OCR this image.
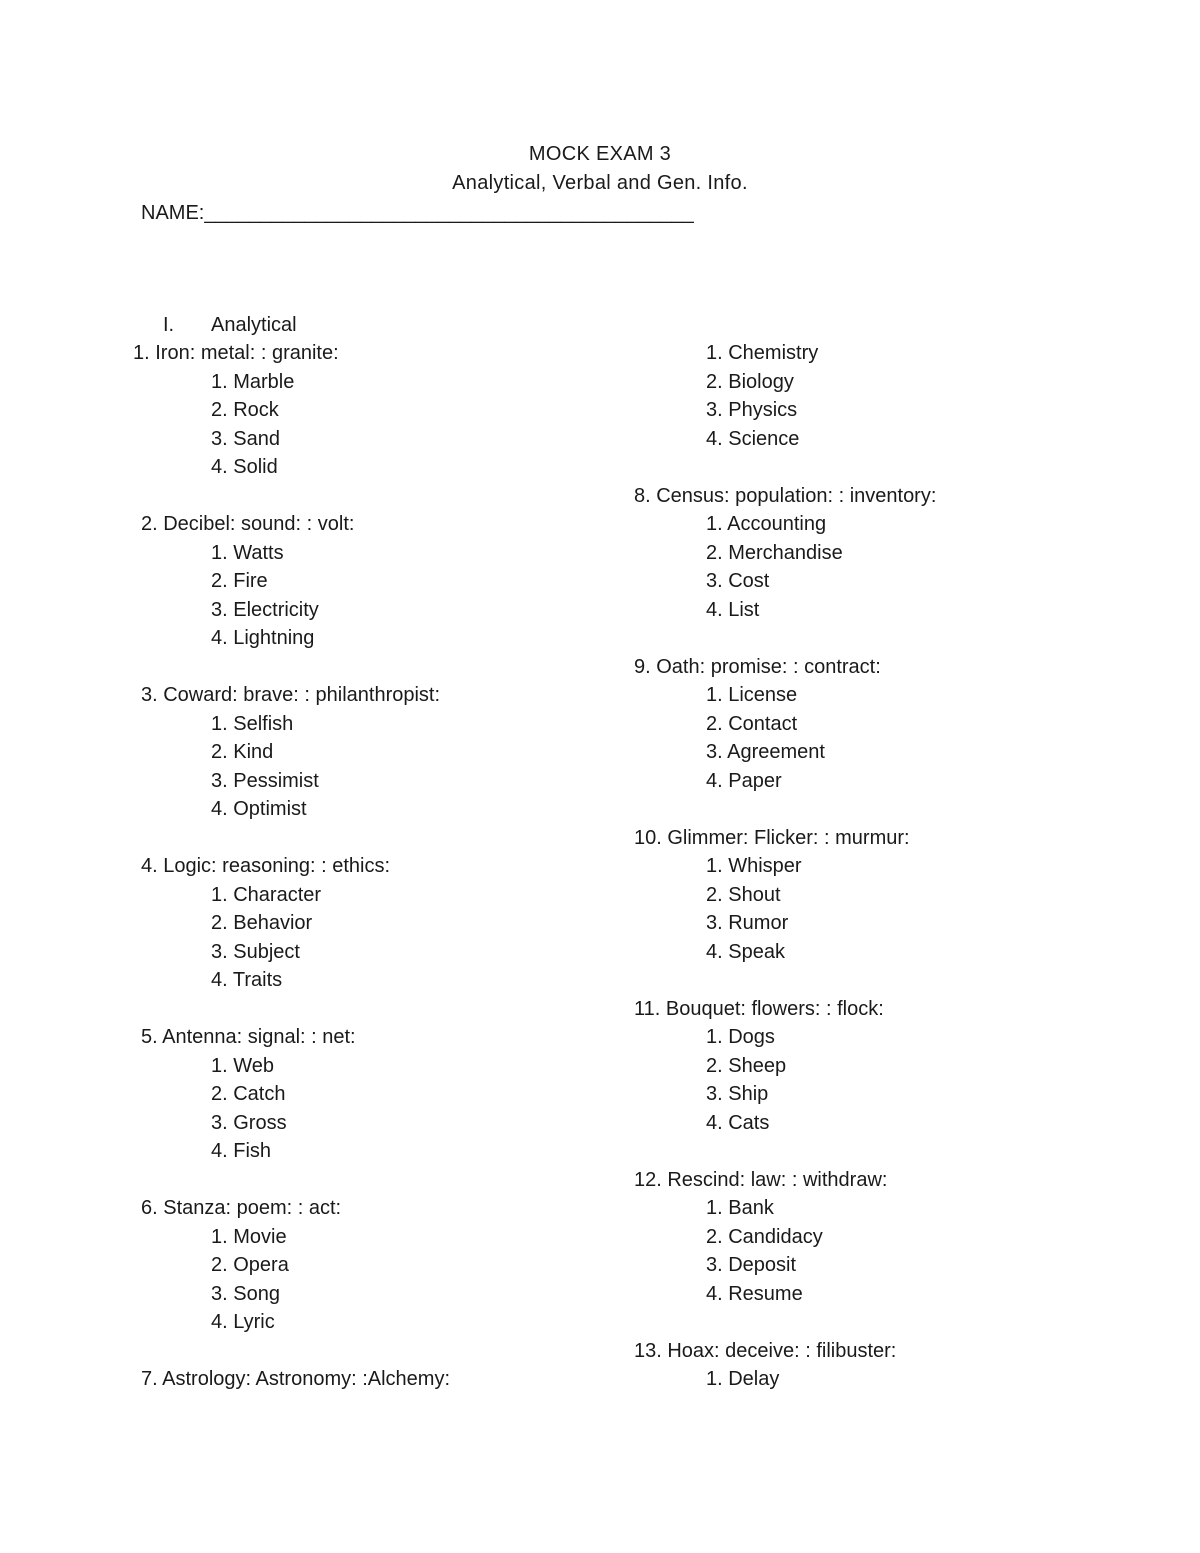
MOCK EXAM 3
Analytical, Verbal and Gen. Info.
NAME:____________________________________________
I.	Analytical
1. Iron: metal: : granite:
1. Marble
2. Rock
3. Sand
4. Solid
2. Decibel: sound: : volt:
1. Watts
2. Fire
3. Electricity
4. Lightning
3. Coward: brave: : philanthropist:
1. Selfish
2. Kind
3. Pessimist
4. Optimist
4. Logic: reasoning: : ethics:
1. Character
2. Behavior
3. Subject
4. Traits
5. Antenna: signal: : net:
1. Web
2. Catch
3. Gross
4. Fish
6. Stanza: poem: : act:
1. Movie
2. Opera
3. Song
4. Lyric
7. Astrology: Astronomy: :Alchemy:
1. Chemistry
2. Biology
3. Physics
4. Science
8. Census: population: : inventory:
1. Accounting
2. Merchandise
3. Cost
4. List
9. Oath: promise: : contract:
1. License
2. Contact
3. Agreement
4. Paper
10. Glimmer: Flicker: : murmur:
1. Whisper
2. Shout
3. Rumor
4. Speak
11. Bouquet: flowers: : flock:
1. Dogs
2. Sheep
3. Ship
4. Cats
12. Rescind: law: : withdraw:
1. Bank
2. Candidacy
3. Deposit
4. Resume
13. Hoax: deceive: : filibuster:
1. Delay
